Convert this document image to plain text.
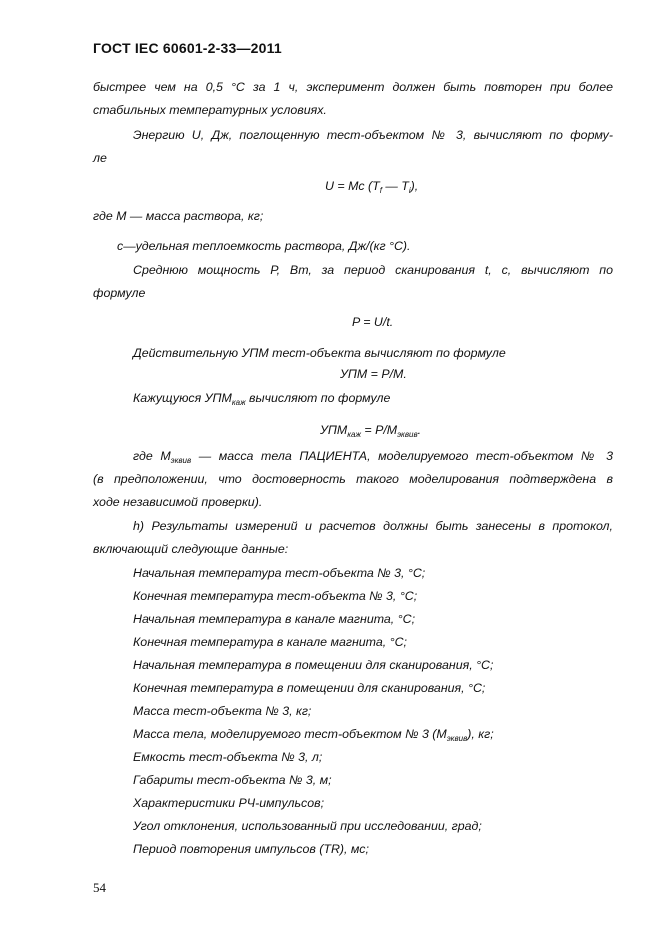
ГОСТ IEC 60601-2-33—2011
быстрее чем на 0,5 °C за 1 ч, эксперимент должен быть повторен при более
стабильных температурных условиях.
Энергию U, Дж, поглощенную тест-объектом № 3, вычисляют по форму-
ле
U = Mc ($T_f$ — $T_i$),
где М — масса раствора, кг;
с—удельная теплоемкость раствора, Дж/(кг °C).
Среднюю мощность Р, Вт, за период сканирования t, с, вычисляют по
формуле
P = U/t.
Действительную УПМ тест-объекта вычисляют по формуле
УПМ = Р/М.
Кажущуюся $УПМ_{каж}$ вычисляют по формуле
$УПМ_{каж} = P/M_{эквив}$.
где $М_{эквив}$ — масса тела ПАЦИЕНТА, моделируемого тест-объектом № 3
(в предположении, что достоверность такого моделирования подтверждена в
ходе независимой проверки).
h) Результаты измерений и расчетов должны быть занесены в протокол,
включающий следующие данные:
Начальная температура тест-объекта № 3, °C;
Конечная температура тест-объекта № 3, °C;
Начальная температура в канале магнита, °C;
Конечная температура в канале магнита, °C;
Начальная температура в помещении для сканирования, °C;
Конечная температура в помещении для сканирования, °C;
Масса тест-объекта № 3, кг;
Масса тела, моделируемого тест-объектом № 3 $(М_{эквив})$, кг;
Емкость тест-объекта № 3, л;
Габариты тест-объекта № 3, м;
Характеристики РЧ-импульсов;
Угол отклонения, использованный при исследовании, град;
Период повторения импульсов (TR), мс;
54
